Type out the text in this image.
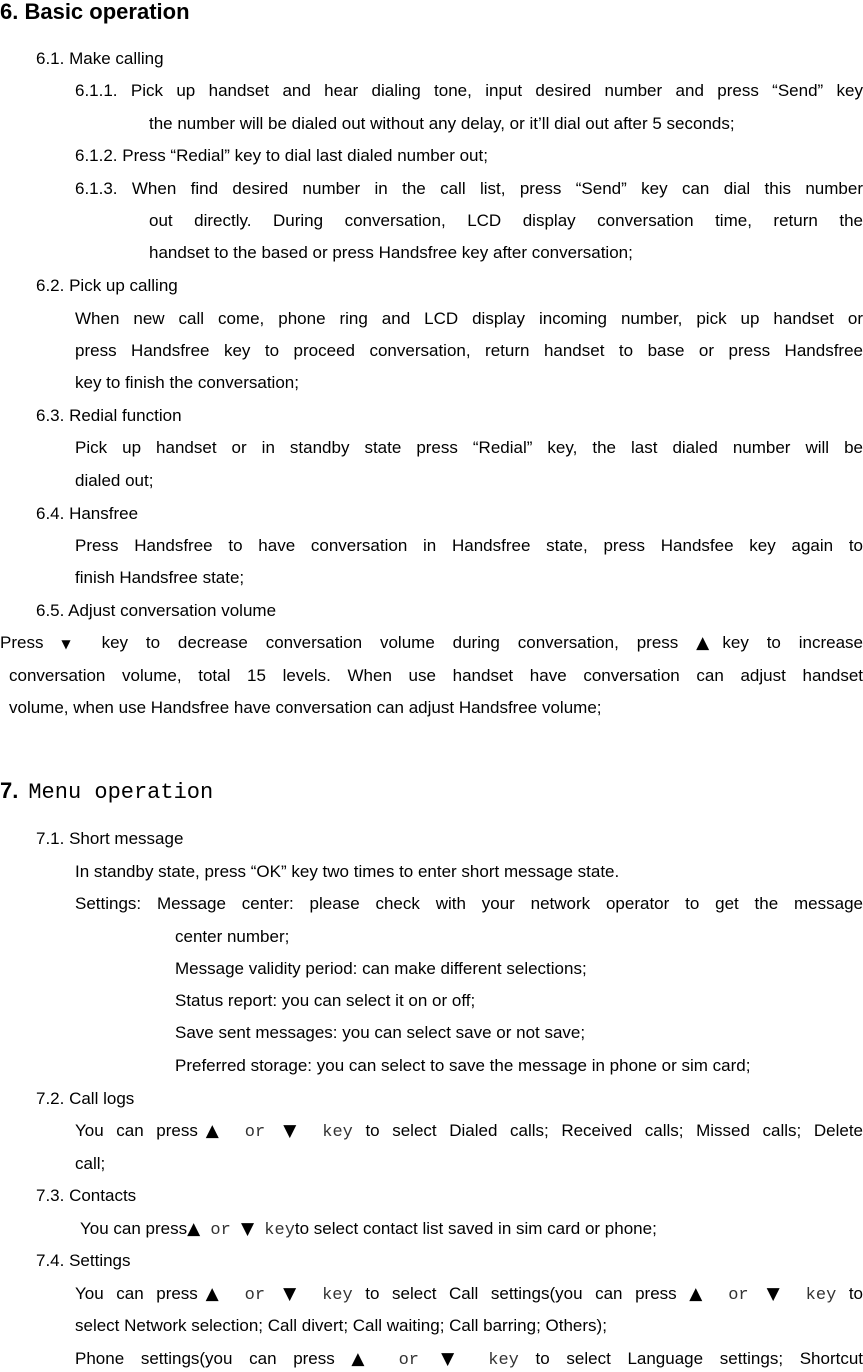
6. Basic operation
6.1. Make calling
6.1.1. Pick up handset and hear dialing tone, input desired number and press “Send” key
the number will be dialed out without any delay, or it’ll dial out after 5 seconds;
6.1.2. Press “Redial” key to dial last dialed number out;
6.1.3. When find desired number in the call list, press “Send” key can dial this number
out directly. During conversation, LCD display conversation time, return the
handset to the based or press Handsfree key after conversation;
6.2. Pick up calling
When new call come, phone ring and LCD display incoming number, pick up handset or
press Handsfree key to proceed conversation, return handset to base or press Handsfree
key to finish the conversation;
6.3. Redial function
Pick up handset or in standby state press “Redial” key, the last dialed number will be
dialed out;
6.4. Hansfree
Press Handsfree to have conversation in Handsfree state, press Handsfee key again to
finish Handsfree state;
6.5. Adjust conversation volume
Press ▼ key to decrease conversation volume during conversation, press ▲key to increase
conversation volume, total 15 levels. When use handset have conversation can adjust handset
volume, when use Handsfree have conversation can adjust Handsfree volume;
7. Menu operation
7.1. Short message
In standby state, press “OK” key two times to enter short message state.
Settings: Message center: please check with your network operator to get the message
center number;
Message validity period: can make different selections;
Status report: you can select it on or off;
Save sent messages: you can select save or not save;
Preferred storage: you can select to save the message in phone or sim card;
7.2. Call logs
You can press▲ or ▼ key to select Dialed calls; Received calls; Missed calls; Delete
call;
7.3. Contacts
You can press▲ or ▼ keyto select contact list saved in sim card or phone;
7.4. Settings
You can press▲ or ▼ key to select Call settings(you can press ▲ or ▼ key to
select Network selection; Call divert; Call waiting; Call barring; Others);
Phone settings(you can press ▲ or ▼ key to select Language settings; Shortcut
